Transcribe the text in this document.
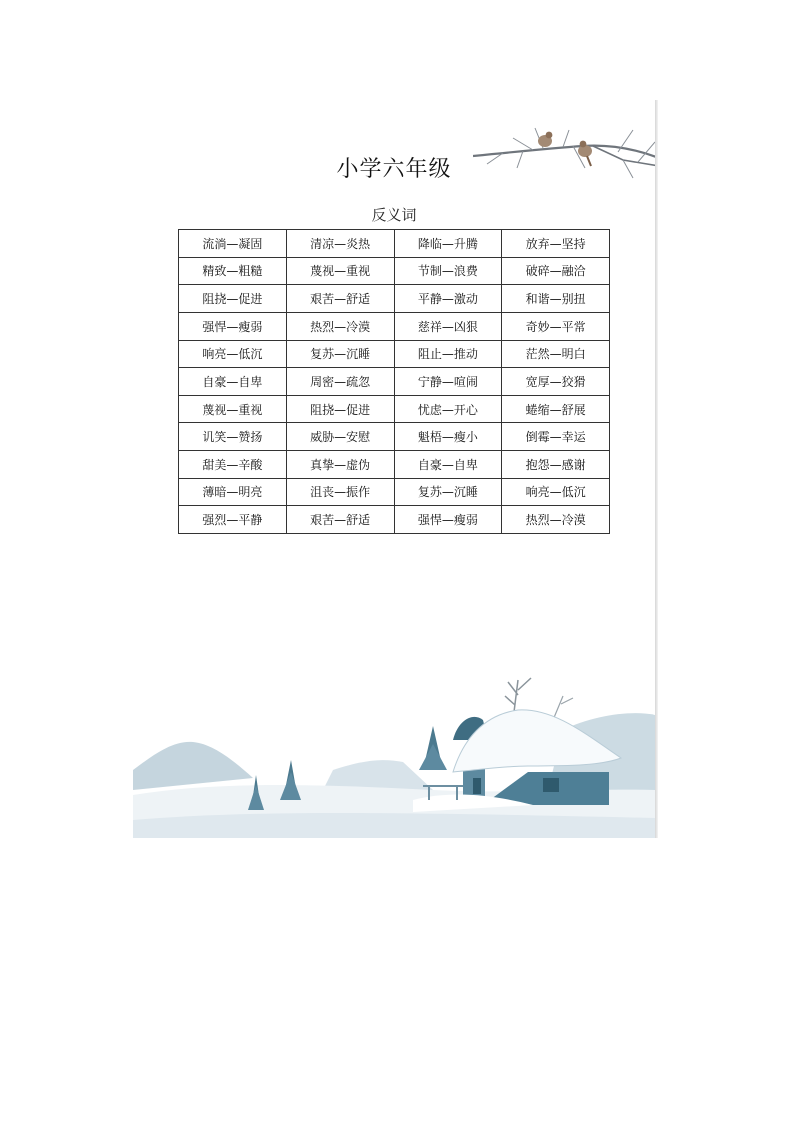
小学六年级
反义词
流淌—凝固	清凉—炎热	降临—升腾	放弃—坚持
精致—粗糙	蔑视—重视	节制—浪费	破碎—融洽
阻挠—促进	艰苦—舒适	平静—激动	和谐—别扭
强悍—瘦弱	热烈—冷漠	慈祥—凶狠	奇妙—平常
响亮—低沉	复苏—沉睡	阻止—推动	茫然—明白
自豪—自卑	周密—疏忽	宁静—喧闹	宽厚—狡猾
蔑视—重视	阻挠—促进	忧虑—开心	蜷缩—舒展
讥笑—赞扬	威胁—安慰	魁梧—瘦小	倒霉—幸运
甜美—辛酸	真挚—虚伪	自豪—自卑	抱怨—感谢
薄暗—明亮	沮丧—振作	复苏—沉睡	响亮—低沉
强烈—平静	艰苦—舒适	强悍—瘦弱	热烈—冷漠
